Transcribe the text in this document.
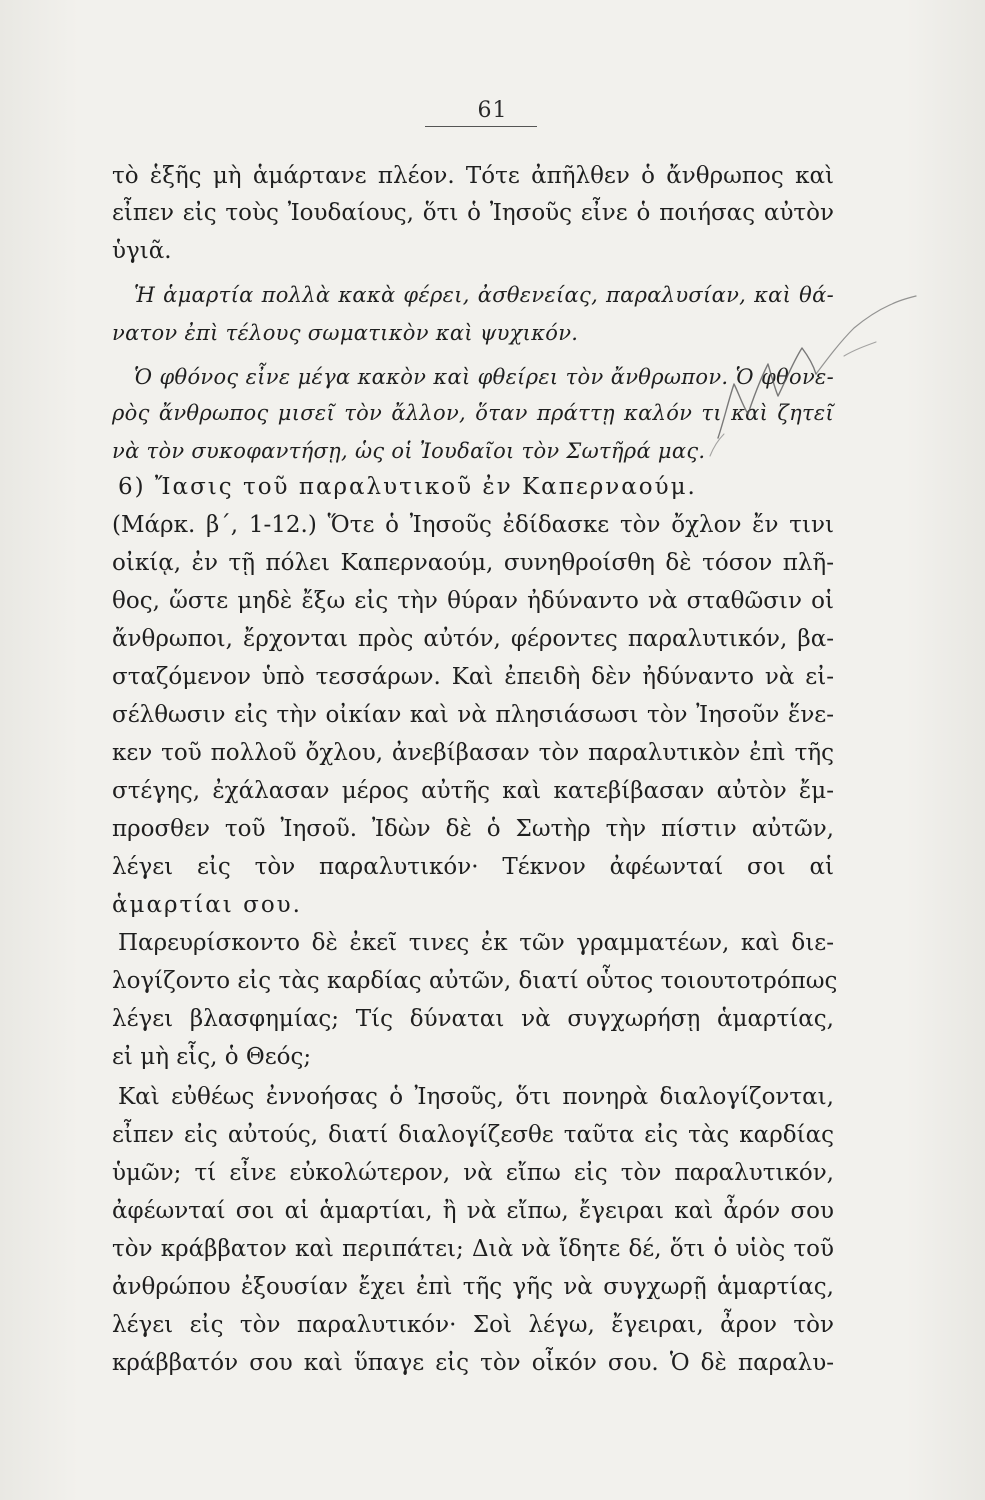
61
τὸ ἑξῆς μὴ ἁμάρτανε πλέον. Τότε ἀπῆλθεν ὁ ἄνθρωπος καὶ
εἶπεν εἰς τοὺς Ἰουδαίους, ὅτι ὁ Ἰησοῦς εἶνε ὁ ποιήσας αὐτὸν
ὑγιᾶ.
Ἡ ἁμαρτία πολλὰ κακὰ φέρει, ἀσθενείας, παραλυσίαν, καὶ θά-
νατον ἐπὶ τέλους σωματικὸν καὶ ψυχικόν.
Ὁ φθόνος εἶνε μέγα κακὸν καὶ φθείρει τὸν ἄνθρωπον. Ὁ φθονε-
ρὸς ἄνθρωπος μισεῖ τὸν ἄλλον, ὅταν πράττῃ καλόν τι καὶ ζητεῖ
νὰ τὸν συκοφαντήσῃ, ὡς οἱ Ἰουδαῖοι τὸν Σωτῆρά μας.
6) Ἴασις τοῦ παραλυτικοῦ ἐν Καπερναούμ.
(Μάρκ. β΄, 1-12.) Ὅτε ὁ Ἰησοῦς ἐδίδασκε τὸν ὄχλον ἔν τινι
οἰκίᾳ, ἐν τῇ πόλει Καπερναούμ, συνηθροίσθη δὲ τόσον πλῆ-
θος, ὥστε μηδὲ ἔξω εἰς τὴν θύραν ἠδύναντο νὰ σταθῶσιν οἱ
ἄνθρωποι, ἔρχονται πρὸς αὐτόν, φέροντες παραλυτικόν, βα-
σταζόμενον ὑπὸ τεσσάρων. Καὶ ἐπειδὴ δὲν ἠδύναντο νὰ εἰ-
σέλθωσιν εἰς τὴν οἰκίαν καὶ νὰ πλησιάσωσι τὸν Ἰησοῦν ἕνε-
κεν τοῦ πολλοῦ ὄχλου, ἀνεβίβασαν τὸν παραλυτικὸν ἐπὶ τῆς
στέγης, ἐχάλασαν μέρος αὐτῆς καὶ κατεβίβασαν αὐτὸν ἔμ-
προσθεν τοῦ Ἰησοῦ. Ἰδὼν δὲ ὁ Σωτὴρ τὴν πίστιν αὐτῶν,
λέγει εἰς τὸν παραλυτικόν· Τέκνον ἀφέωνταί σοι αἱ
ἁμαρτίαι σου.
Παρευρίσκοντο δὲ ἐκεῖ τινες ἐκ τῶν γραμματέων, καὶ διε-
λογίζοντο εἰς τὰς καρδίας αὐτῶν, διατί οὗτος τοιουτοτρόπως
λέγει βλασφημίας; Τίς δύναται νὰ συγχωρήσῃ ἁμαρτίας,
εἰ μὴ εἷς, ὁ Θεός;
Καὶ εὐθέως ἐννοήσας ὁ Ἰησοῦς, ὅτι πονηρὰ διαλογίζονται,
εἶπεν εἰς αὐτούς, διατί διαλογίζεσθε ταῦτα εἰς τὰς καρδίας
ὑμῶν; τί εἶνε εὐκολώτερον, νὰ εἴπω εἰς τὸν παραλυτικόν,
ἀφέωνταί σοι αἱ ἁμαρτίαι, ἢ νὰ εἴπω, ἔγειραι καὶ ἆρόν σου
τὸν κράββατον καὶ περιπάτει; Διὰ νὰ ἴδητε δέ, ὅτι ὁ υἱὸς τοῦ
ἀνθρώπου ἐξουσίαν ἔχει ἐπὶ τῆς γῆς νὰ συγχωρῇ ἁμαρτίας,
λέγει εἰς τὸν παραλυτικόν· Σοὶ λέγω, ἔγειραι, ἆρον τὸν
κράββατόν σου καὶ ὕπαγε εἰς τὸν οἶκόν σου. Ὁ δὲ παραλυ-
